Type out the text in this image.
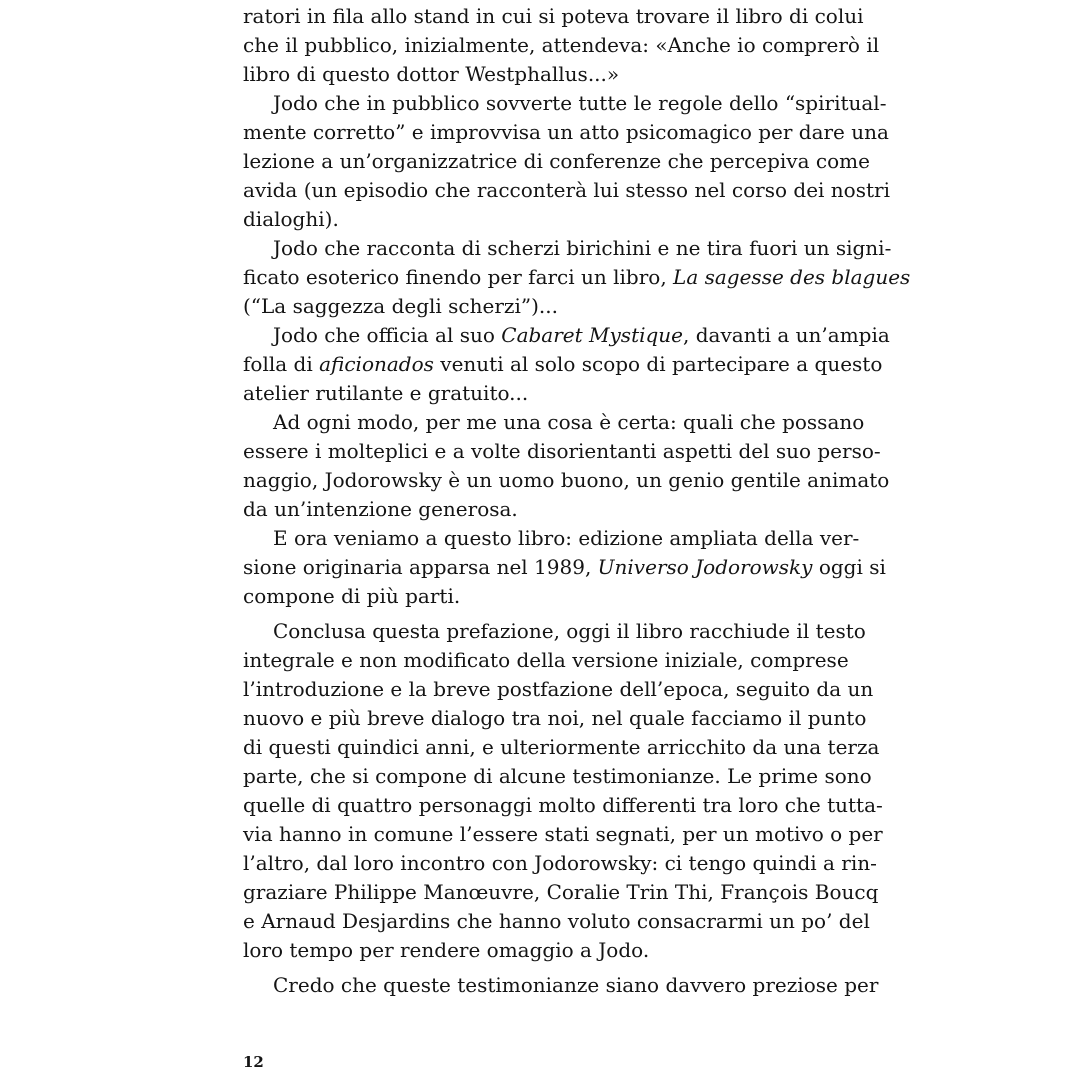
ratori in fila allo stand in cui si poteva trovare il libro di colui
che il pubblico, inizialmente, attendeva: «Anche io comprerò il
libro di questo dottor Westphallus...»
Jodo che in pubblico sovverte tutte le regole dello “spiritual-
mente corretto” e improvvisa un atto psicomagico per dare una
lezione a un’organizzatrice di conferenze che percepiva come
avida (un episodio che racconterà lui stesso nel corso dei nostri
dialoghi).
Jodo che racconta di scherzi birichini e ne tira fuori un signi-
ficato esoterico finendo per farci un libro, La sagesse des blagues
(“La saggezza degli scherzi”)...
Jodo che officia al suo Cabaret Mystique, davanti a un’ampia
folla di aficionados venuti al solo scopo di partecipare a questo
atelier rutilante e gratuito...
Ad ogni modo, per me una cosa è certa: quali che possano
essere i molteplici e a volte disorientanti aspetti del suo perso-
naggio, Jodorowsky è un uomo buono, un genio gentile animato
da un’intenzione generosa.
E ora veniamo a questo libro: edizione ampliata della ver-
sione originaria apparsa nel 1989, Universo Jodorowsky oggi si
compone di più parti.
Conclusa questa prefazione, oggi il libro racchiude il testo
integrale e non modificato della versione iniziale, comprese
l’introduzione e la breve postfazione dell’epoca, seguito da un
nuovo e più breve dialogo tra noi, nel quale facciamo il punto
di questi quindici anni, e ulteriormente arricchito da una terza
parte, che si compone di alcune testimonianze. Le prime sono
quelle di quattro personaggi molto differenti tra loro che tutta-
via hanno in comune l’essere stati segnati, per un motivo o per
l’altro, dal loro incontro con Jodorowsky: ci tengo quindi a rin-
graziare Philippe Manœuvre, Coralie Trin Thi, François Boucq
e Arnaud Desjardins che hanno voluto consacrarmi un po’ del
loro tempo per rendere omaggio a Jodo.
Credo che queste testimonianze siano davvero preziose per
12
